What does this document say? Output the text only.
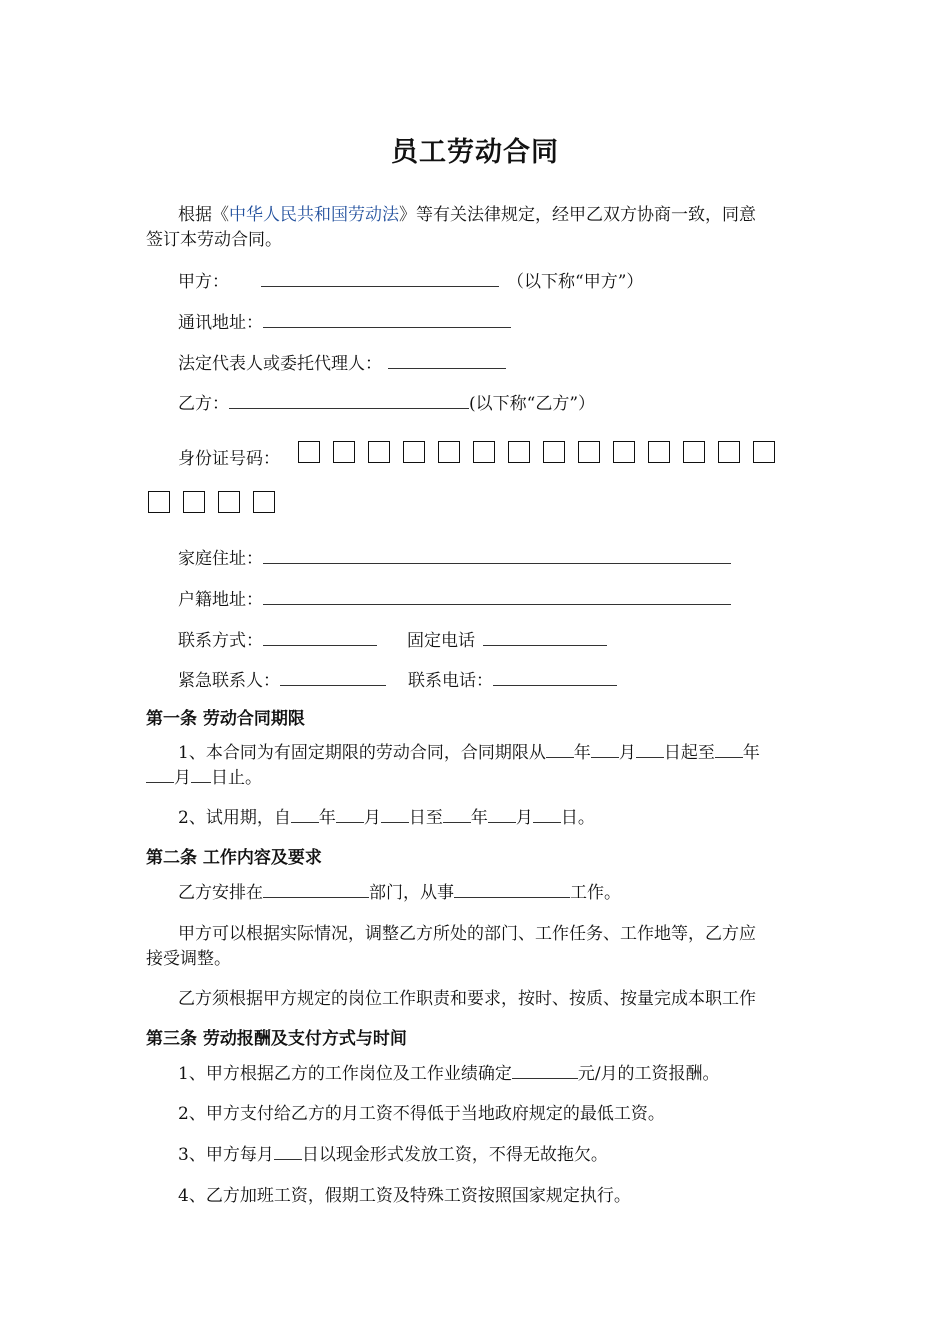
员工劳动合同
根据《中华人民共和国劳动法》等有关法律规定，经甲乙双方协商一致，同意
签订本劳动合同。
甲方：	（以下称“甲方”）
通讯地址：
法定代表人或委托代理人：
乙方：	(以下称“乙方”）
身份证号码：
家庭住址：
户籍地址：
联系方式：	固定电话
紧急联系人：	联系电话：
第一条 劳动合同期限
1、本合同为有固定期限的劳动合同，合同期限从 年 月 日起至 年
月 日止。
2、试用期，自 年 月 日至 年 月 日。
第二条 工作内容及要求
乙方安排在	部门，从事	工作。
甲方可以根据实际情况，调整乙方所处的部门、工作任务、工作地等，乙方应
接受调整。
乙方须根据甲方规定的岗位工作职责和要求，按时、按质、按量完成本职工作
第三条 劳动报酬及支付方式与时间
1、甲方根据乙方的工作岗位及工作业绩确定	元/月的工资报酬。
2、甲方支付给乙方的月工资不得低于当地政府规定的最低工资。
3、甲方每月 日以现金形式发放工资，不得无故拖欠。
4、乙方加班工资，假期工资及特殊工资按照国家规定执行。
